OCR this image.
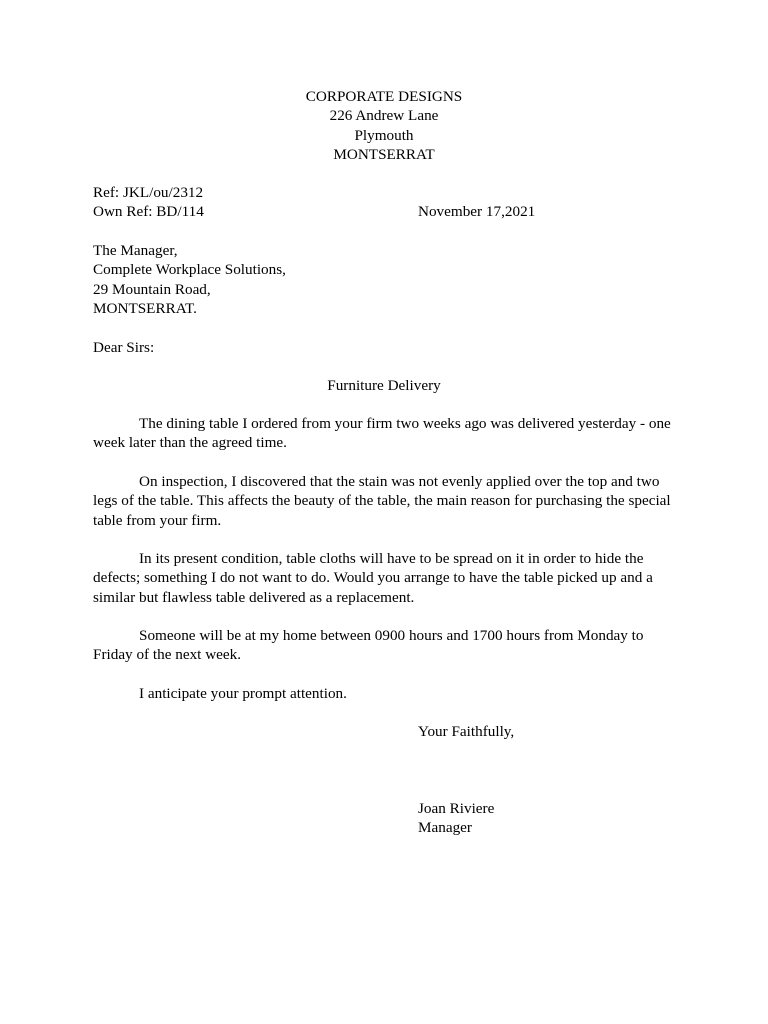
CORPORATE DESIGNS
226 Andrew Lane
Plymouth
MONTSERRAT
Ref: JKL/ou/2312
Own Ref: BD/114	November 17,2021
The Manager,
Complete Workplace Solutions,
29 Mountain Road,
MONTSERRAT.
Dear Sirs:
Furniture Delivery
The dining table I ordered from your firm two weeks ago was delivered yesterday - one week later than the agreed time.
On inspection, I discovered that the stain was not evenly applied over the top and two legs of the table. This affects the beauty of the table, the main reason for purchasing the special table from your firm.
In its present condition, table cloths will have to be spread on it in order to hide the defects; something I do not want to do. Would you arrange to have the table picked up and a similar but flawless table delivered as a replacement.
Someone will be at my home between 0900 hours and 1700 hours from Monday to Friday of the next week.
I anticipate your prompt attention.
Your Faithfully,
Joan Riviere
Manager
